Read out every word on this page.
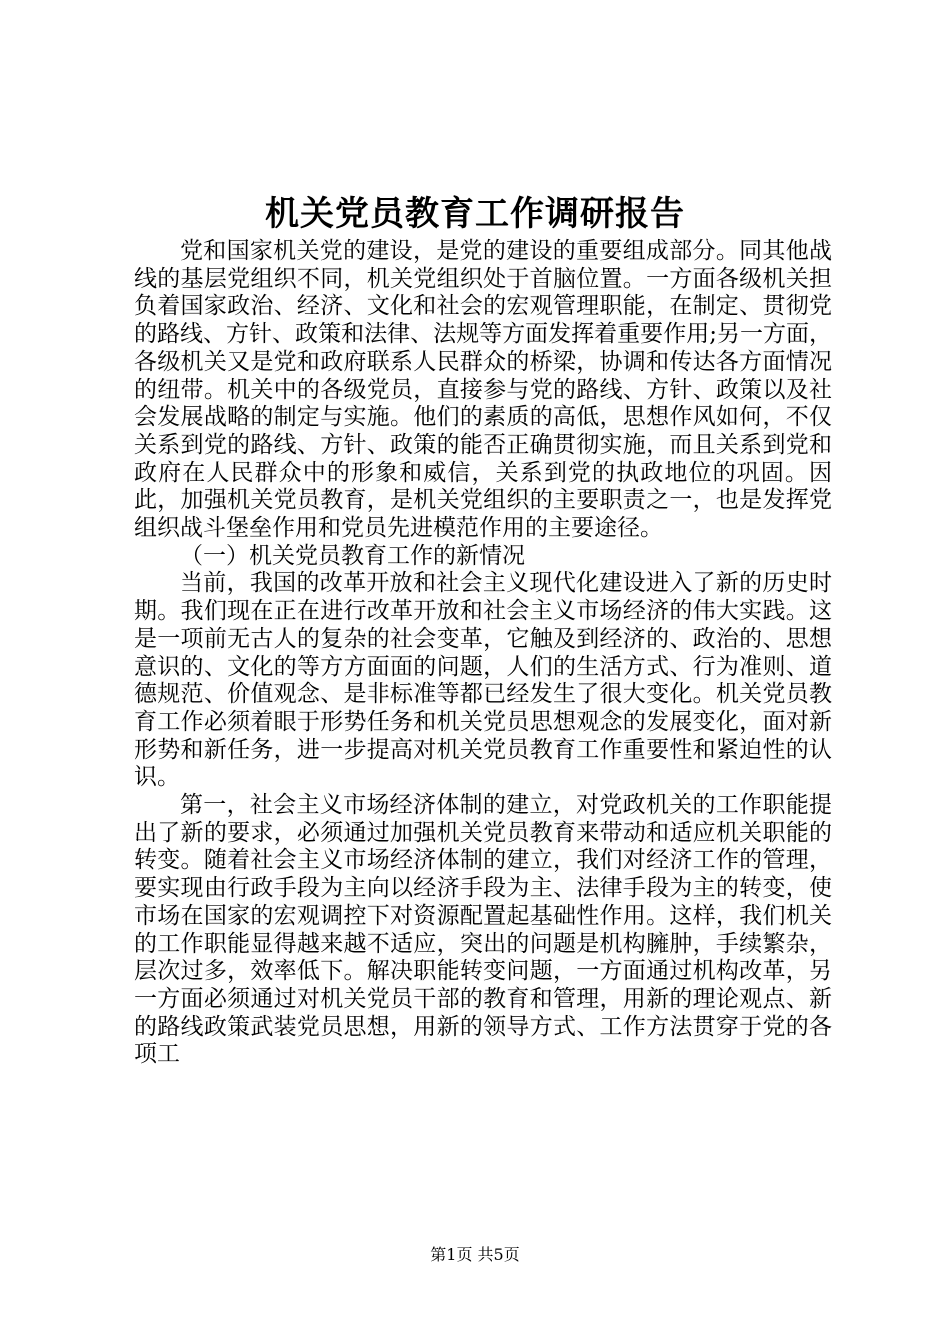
机关党员教育工作调研报告

党和国家机关党的建设，是党的建设的重要组成部分。同其他战线的基层党组织不同，机关党组织处于首脑位置。一方面各级机关担负着国家政治、经济、文化和社会的宏观管理职能，在制定、贯彻党的路线、方针、政策和法律、法规等方面发挥着重要作用;另一方面，各级机关又是党和政府联系人民群众的桥梁，协调和传达各方面情况的纽带。机关中的各级党员，直接参与党的路线、方针、政策以及社会发展战略的制定与实施。他们的素质的高低，思想作风如何，不仅关系到党的路线、方针、政策的能否正确贯彻实施，而且关系到党和政府在人民群众中的形象和威信，关系到党的执政地位的巩固。因此，加强机关党员教育，是机关党组织的主要职责之一，也是发挥党组织战斗堡垒作用和党员先进模范作用的主要途径。

（一）机关党员教育工作的新情况

当前，我国的改革开放和社会主义现代化建设进入了新的历史时期。我们现在正在进行改革开放和社会主义市场经济的伟大实践。这是一项前无古人的复杂的社会变革，它触及到经济的、政治的、思想意识的、文化的等方方面面的问题，人们的生活方式、行为准则、道德规范、价值观念、是非标准等都已经发生了很大变化。机关党员教育工作必须着眼于形势任务和机关党员思想观念的发展变化，面对新形势和新任务，进一步提高对机关党员教育工作重要性和紧迫性的认识。

第一，社会主义市场经济体制的建立，对党政机关的工作职能提出了新的要求，必须通过加强机关党员教育来带动和适应机关职能的转变。随着社会主义市场经济体制的建立，我们对经济工作的管理，要实现由行政手段为主向以经济手段为主、法律手段为主的转变，使市场在国家的宏观调控下对资源配置起基础性作用。这样，我们机关的工作职能显得越来越不适应，突出的问题是机构臃肿，手续繁杂，层次过多，效率低下。解决职能转变问题，一方面通过机构改革，另一方面必须通过对机关党员干部的教育和管理，用新的理论观点、新的路线政策武装党员思想，用新的领导方式、工作方法贯穿于党的各项工

第1页 共5页
